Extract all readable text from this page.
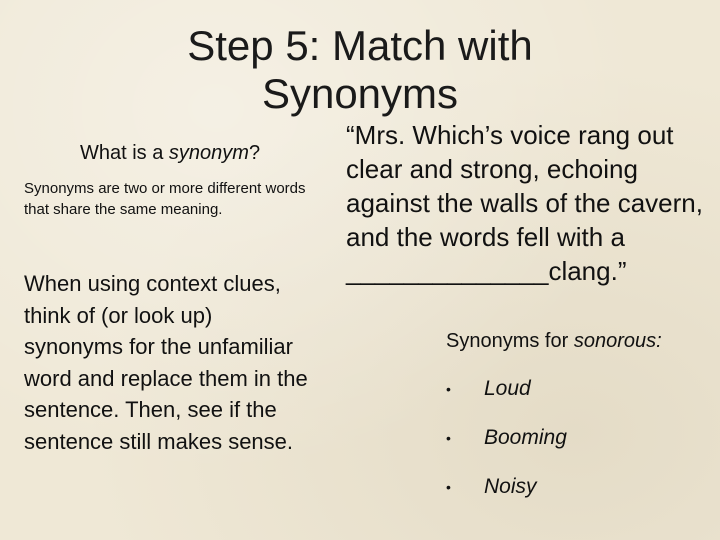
Step 5: Match with
Synonyms

What is a synonym?

Synonyms are two or more different words that share the same meaning.

When using context clues, think of (or look up) synonyms for the unfamiliar word and replace them in the sentence. Then, see if the sentence still makes sense.

“Mrs. Which’s voice rang out clear and strong, echoing against the walls of the cavern, and the words fell with a ______________clang.”

Synonyms for sonorous:

• Loud
• Booming
• Noisy
